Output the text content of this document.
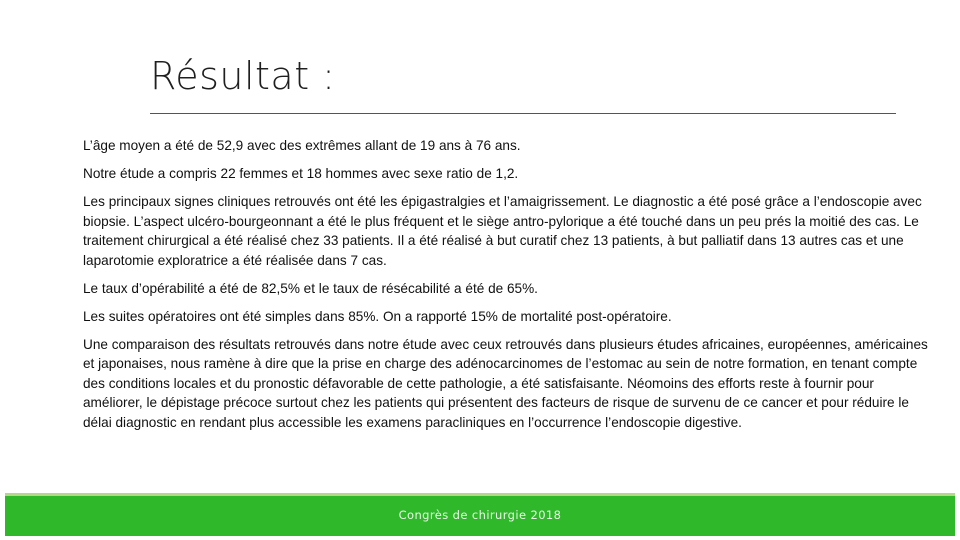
Résultat :

L’âge moyen a été de 52,9 avec des extrêmes allant de 19 ans à 76 ans.

Notre étude a compris 22 femmes et 18 hommes avec sexe ratio de 1,2.

Les principaux signes cliniques retrouvés ont été les épigastralgies et l’amaigrissement. Le diagnostic a été posé grâce a l’endoscopie avec biopsie. L’aspect ulcéro-bourgeonnant a été le plus fréquent et le siège antro-pylorique a été touché dans un peu prés la moitié des cas. Le traitement chirurgical a été réalisé chez 33 patients. Il a été réalisé à but curatif chez 13 patients, à but palliatif dans 13 autres cas et une laparotomie exploratrice a été réalisée dans 7 cas.

Le taux d’opérabilité a été de 82,5% et le taux de résécabilité a été de 65%.

Les suites opératoires ont été simples dans 85%. On a rapporté 15% de mortalité post-opératoire.

Une comparaison des résultats retrouvés dans notre étude avec ceux retrouvés dans plusieurs études africaines, européennes, américaines et japonaises, nous ramène à dire que la prise en charge des adénocarcinomes de l’estomac au sein de notre formation, en tenant compte des conditions locales et du pronostic défavorable de cette pathologie, a été satisfaisante. Néomoins des efforts reste à fournir pour améliorer, le dépistage précoce surtout chez les patients qui présentent des facteurs de risque de survenu de ce cancer et pour réduire le délai diagnostic en rendant plus accessible les examens paracliniques en l’occurrence l’endoscopie digestive.

Congrès de chirurgie 2018
